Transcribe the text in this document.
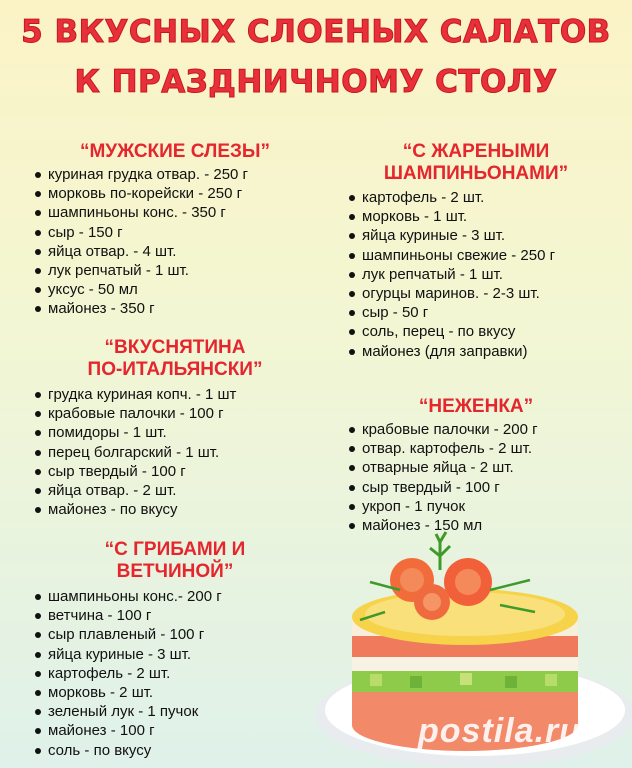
5 ВКУСНЫХ СЛОЕНЫХ САЛАТОВ
К ПРАЗДНИЧНОМУ СТОЛУ
“МУЖСКИЕ СЛЕЗЫ”
куриная грудка отвар. - 250 г
морковь по-корейски - 250 г
шампиньоны конс. - 350 г
сыр - 150 г
яйца отвар. - 4 шт.
лук репчатый - 1 шт.
уксус - 50 мл
майонез - 350 г
“ВКУСНЯТИНА
ПО-ИТАЛЬЯНСКИ”
грудка куриная копч. - 1 шт
крабовые палочки - 100 г
помидоры - 1 шт.
перец болгарский - 1 шт.
сыр твердый - 100 г
яйца отвар. - 2 шт.
майонез - по вкусу
“С ГРИБАМИ И
ВЕТЧИНОЙ”
шампиньоны конс.- 200 г
ветчина - 100 г
сыр плавленый - 100 г
яйца куриные - 3 шт.
картофель - 2 шт.
морковь - 2 шт.
зеленый лук - 1 пучок
майонез - 100 г
соль - по вкусу
“С ЖАРЕНЫМИ
ШАМПИНЬОНАМИ”
картофель - 2 шт.
морковь - 1 шт.
яйца куриные - 3 шт.
шампиньоны свежие - 250 г
лук репчатый - 1 шт.
огурцы маринов. - 2-3 шт.
сыр - 50 г
соль, перец - по вкусу
майонез (для заправки)
“НЕЖЕНКА”
крабовые палочки - 200 г
отвар. картофель - 2 шт.
отварные яйца - 2 шт.
сыр твердый - 100 г
укроп - 1 пучок
майонез - 150 мл
postila.ru
